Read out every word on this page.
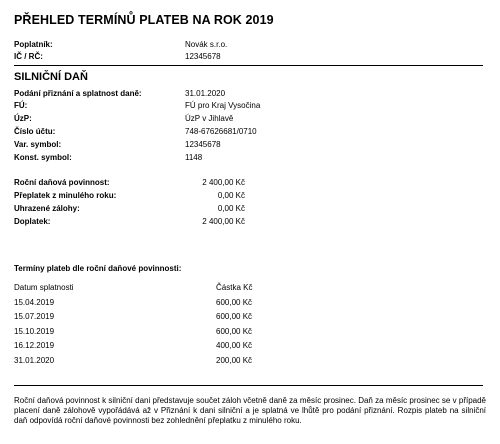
PŘEHLED TERMÍNŮ PLATEB NA ROK 2019
Poplatník:	Novák s.r.o.
IČ / RČ:	12345678
SILNIČNÍ DAŇ
Podání přiznání a splatnost daně:	31.01.2020
FÚ:	FÚ pro Kraj Vysočina
ÚzP:	ÚzP v Jihlavě
Číslo účtu:	748-67626681/0710
Var. symbol:	12345678
Konst. symbol:	1148
Roční daňová povinnost:	2 400,00 Kč
Přeplatek z minulého roku:	0,00 Kč
Uhrazené zálohy:	0,00 Kč
Doplatek:	2 400,00 Kč
Termíny plateb dle roční daňové povinnosti:
Datum splatnosti	Částka Kč
15.04.2019	600,00 Kč
15.07.2019	600,00 Kč
15.10.2019	600,00 Kč
16.12.2019	400,00 Kč
31.01.2020	200,00 Kč
Roční daňová povinnost k silniční dani představuje součet záloh včetně daně za měsíc prosinec. Daň za měsíc prosinec se v případě placení daně zálohově vypořádává až v Přiznání k dani silniční a je splatná ve lhůtě pro podání přiznání. Rozpis plateb na silniční daň odpovídá roční daňové povinnosti bez zohlednění přeplatku z minulého roku.
